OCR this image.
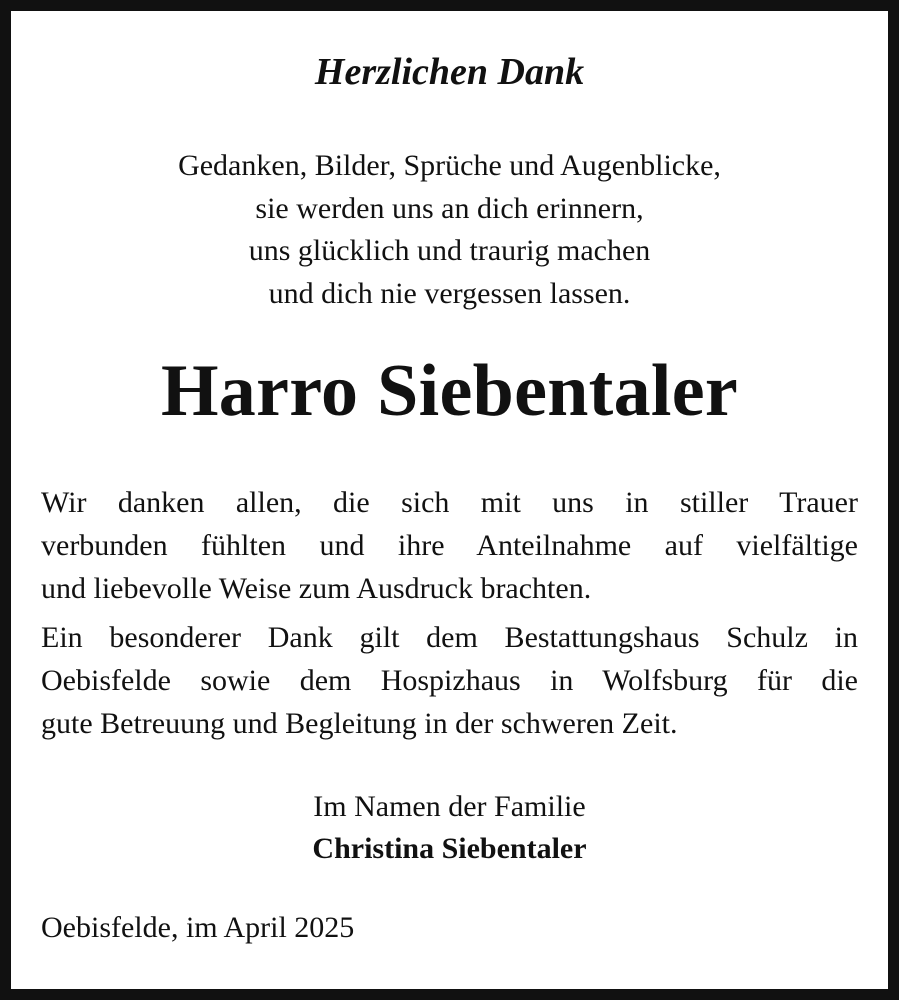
Herzlichen Dank
Gedanken, Bilder, Sprüche und Augenblicke,
sie werden uns an dich erinnern,
uns glücklich und traurig machen
und dich nie vergessen lassen.
Harro Siebentaler
Wir danken allen, die sich mit uns in stiller Trauer
verbunden fühlten und ihre Anteilnahme auf vielfältige
und liebevolle Weise zum Ausdruck brachten.
Ein besonderer Dank gilt dem Bestattungshaus Schulz in
Oebisfelde sowie dem Hospizhaus in Wolfsburg für die
gute Betreuung und Begleitung in der schweren Zeit.
Im Namen der Familie
Christina Siebentaler
Oebisfelde, im April 2025
